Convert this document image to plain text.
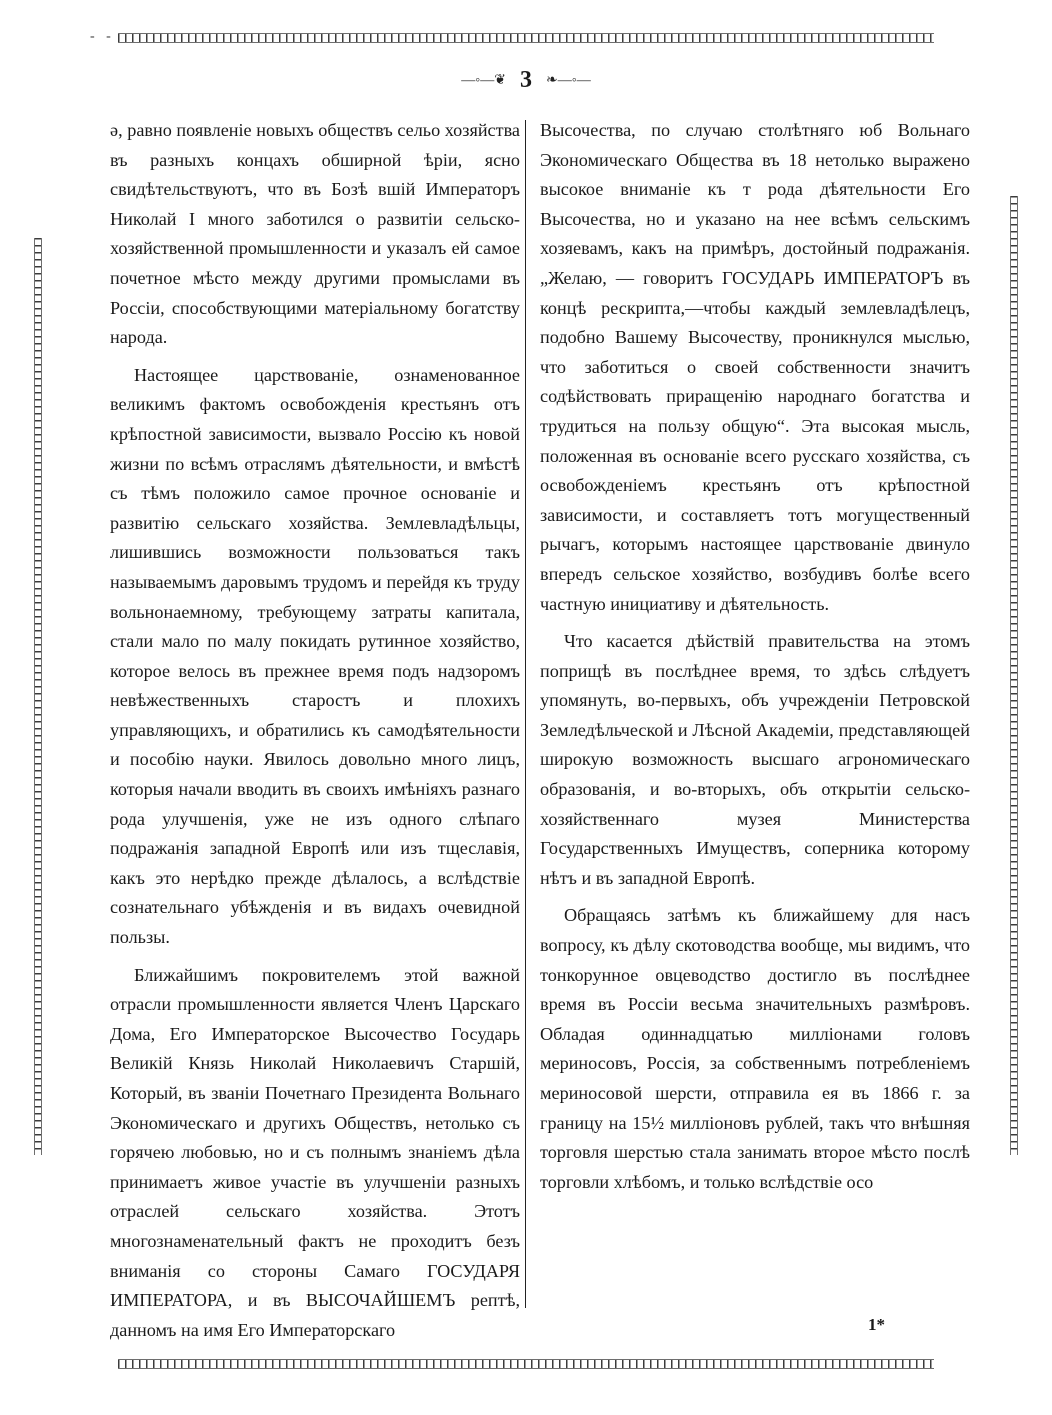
- -
—◦—❦ 3 ❧—◦—

ǝ, равно появленіе новыхъ обществъ сельо хозяйства въ разныхъ концахъ обширной ѣріи, ясно свидѣтельствуютъ, что въ Бозѣ вшій Императоръ Николай I много заботился о развитіи сельско-хозяйственной промышленности и указалъ ей самое почетное мѣсто между другими промыслами въ Россіи, способствующими матеріальному богатству народа.

Настоящее царствованіе, ознаменованное великимъ фактомъ освобожденія крестьянъ отъ крѣпостной зависимости, вызвало Россію къ новой жизни по всѣмъ отраслямъ дѣятельности, и вмѣстѣ съ тѣмъ положило самое прочное основаніе и развитію сельскаго хозяйства. Землевладѣльцы, лишившись возможности пользоваться такъ называемымъ даровымъ трудомъ и перейдя къ труду вольнонаемному, требующему затраты капитала, стали мало по малу покидать рутинное хозяйство, которое велось въ прежнее время подъ надзоромъ невѣжественныхъ старостъ и плохихъ управляющихъ, и обратились къ самодѣятельности и пособію науки. Явилось довольно много лицъ, которыя начали вводить въ своихъ имѣніяхъ разнаго рода улучшенія, уже не изъ одного слѣпаго подражанія западной Европѣ или изъ тщеславія, какъ это нерѣдко прежде дѣлалось, а вслѣдствіе сознательнаго убѣжденія и въ видахъ очевидной пользы.

Ближайшимъ покровителемъ этой важной отрасли промышленности является Членъ Царскаго Дома, Его Императорское Высочество Государь Великій Князь Николай Николаевичъ Старшій, Который, въ званіи Почетнаго Президента Вольнаго Экономическаго и другихъ Обществъ, нетолько съ горячею любовью, но и съ полнымъ знаніемъ дѣла принимаетъ живое участіе въ улучшеніи разныхъ отраслей сельскаго хозяйства. Этотъ многознаменательный фактъ не проходитъ безъ вниманія со стороны Самаго ГОСУДАРЯ ИМПЕРАТОРА, и въ ВЫСОЧАЙШЕМЪ рептѣ, данномъ на имя Его Императорскаго

Высочества, по случаю столѣтняго юб Вольнаго Экономическаго Общества въ 18 нетолько выражено высокое вниманіе къ т рода дѣятельности Его Высочества, но и указано на нее всѣмъ сельскимъ хозяевамъ, какъ на примѣръ, достойный подражанія. „Желаю, — говоритъ ГОСУДАРЬ ИМПЕРАТОРЪ въ концѣ рескрипта,—чтобы каждый землевладѣлецъ, подобно Вашему Высочеству, проникнулся мыслью, что заботиться о своей собственности значитъ содѣйствовать приращенію народнаго богатства и трудиться на пользу общую“. Эта высокая мысль, положенная въ основаніе всего русскаго хозяйства, съ освобожденіемъ крестьянъ отъ крѣпостной зависимости, и составляетъ тотъ могущественный рычагъ, которымъ настоящее царствованіе двинуло впередъ сельское хозяйство, возбудивъ болѣе всего частную инициативу и дѣятельность.

Что касается дѣйствій правительства на этомъ поприщѣ въ послѣднее время, то здѣсь слѣдуетъ упомянуть, во-первыхъ, объ учрежденіи Петровской Земледѣльческой и Лѣсной Академіи, представляющей широкую возможность высшаго агрономическаго образованія, и во-вторыхъ, объ открытіи сельско-хозяйственнаго музея Министерства Государственныхъ Имуществъ, соперника которому нѣтъ и въ западной Европѣ.

Обращаясь затѣмъ къ ближайшему для насъ вопросу, къ дѣлу скотоводства вообще, мы видимъ, что тонкорунное овцеводство достигло въ послѣднее время въ Россіи весьма значительныхъ размѣровъ. Обладая одиннадцатью миллiонами головъ мериносовъ, Россія, за собственнымъ потребленіемъ мериносовой шерсти, отправила ея въ 1866 г. за границу на 15½ миллiоновъ рублей, такъ что внѣшняя торговля шерстью стала занимать второе мѣсто послѣ торговли хлѣбомъ, и только вслѣдствіе осо

1*
